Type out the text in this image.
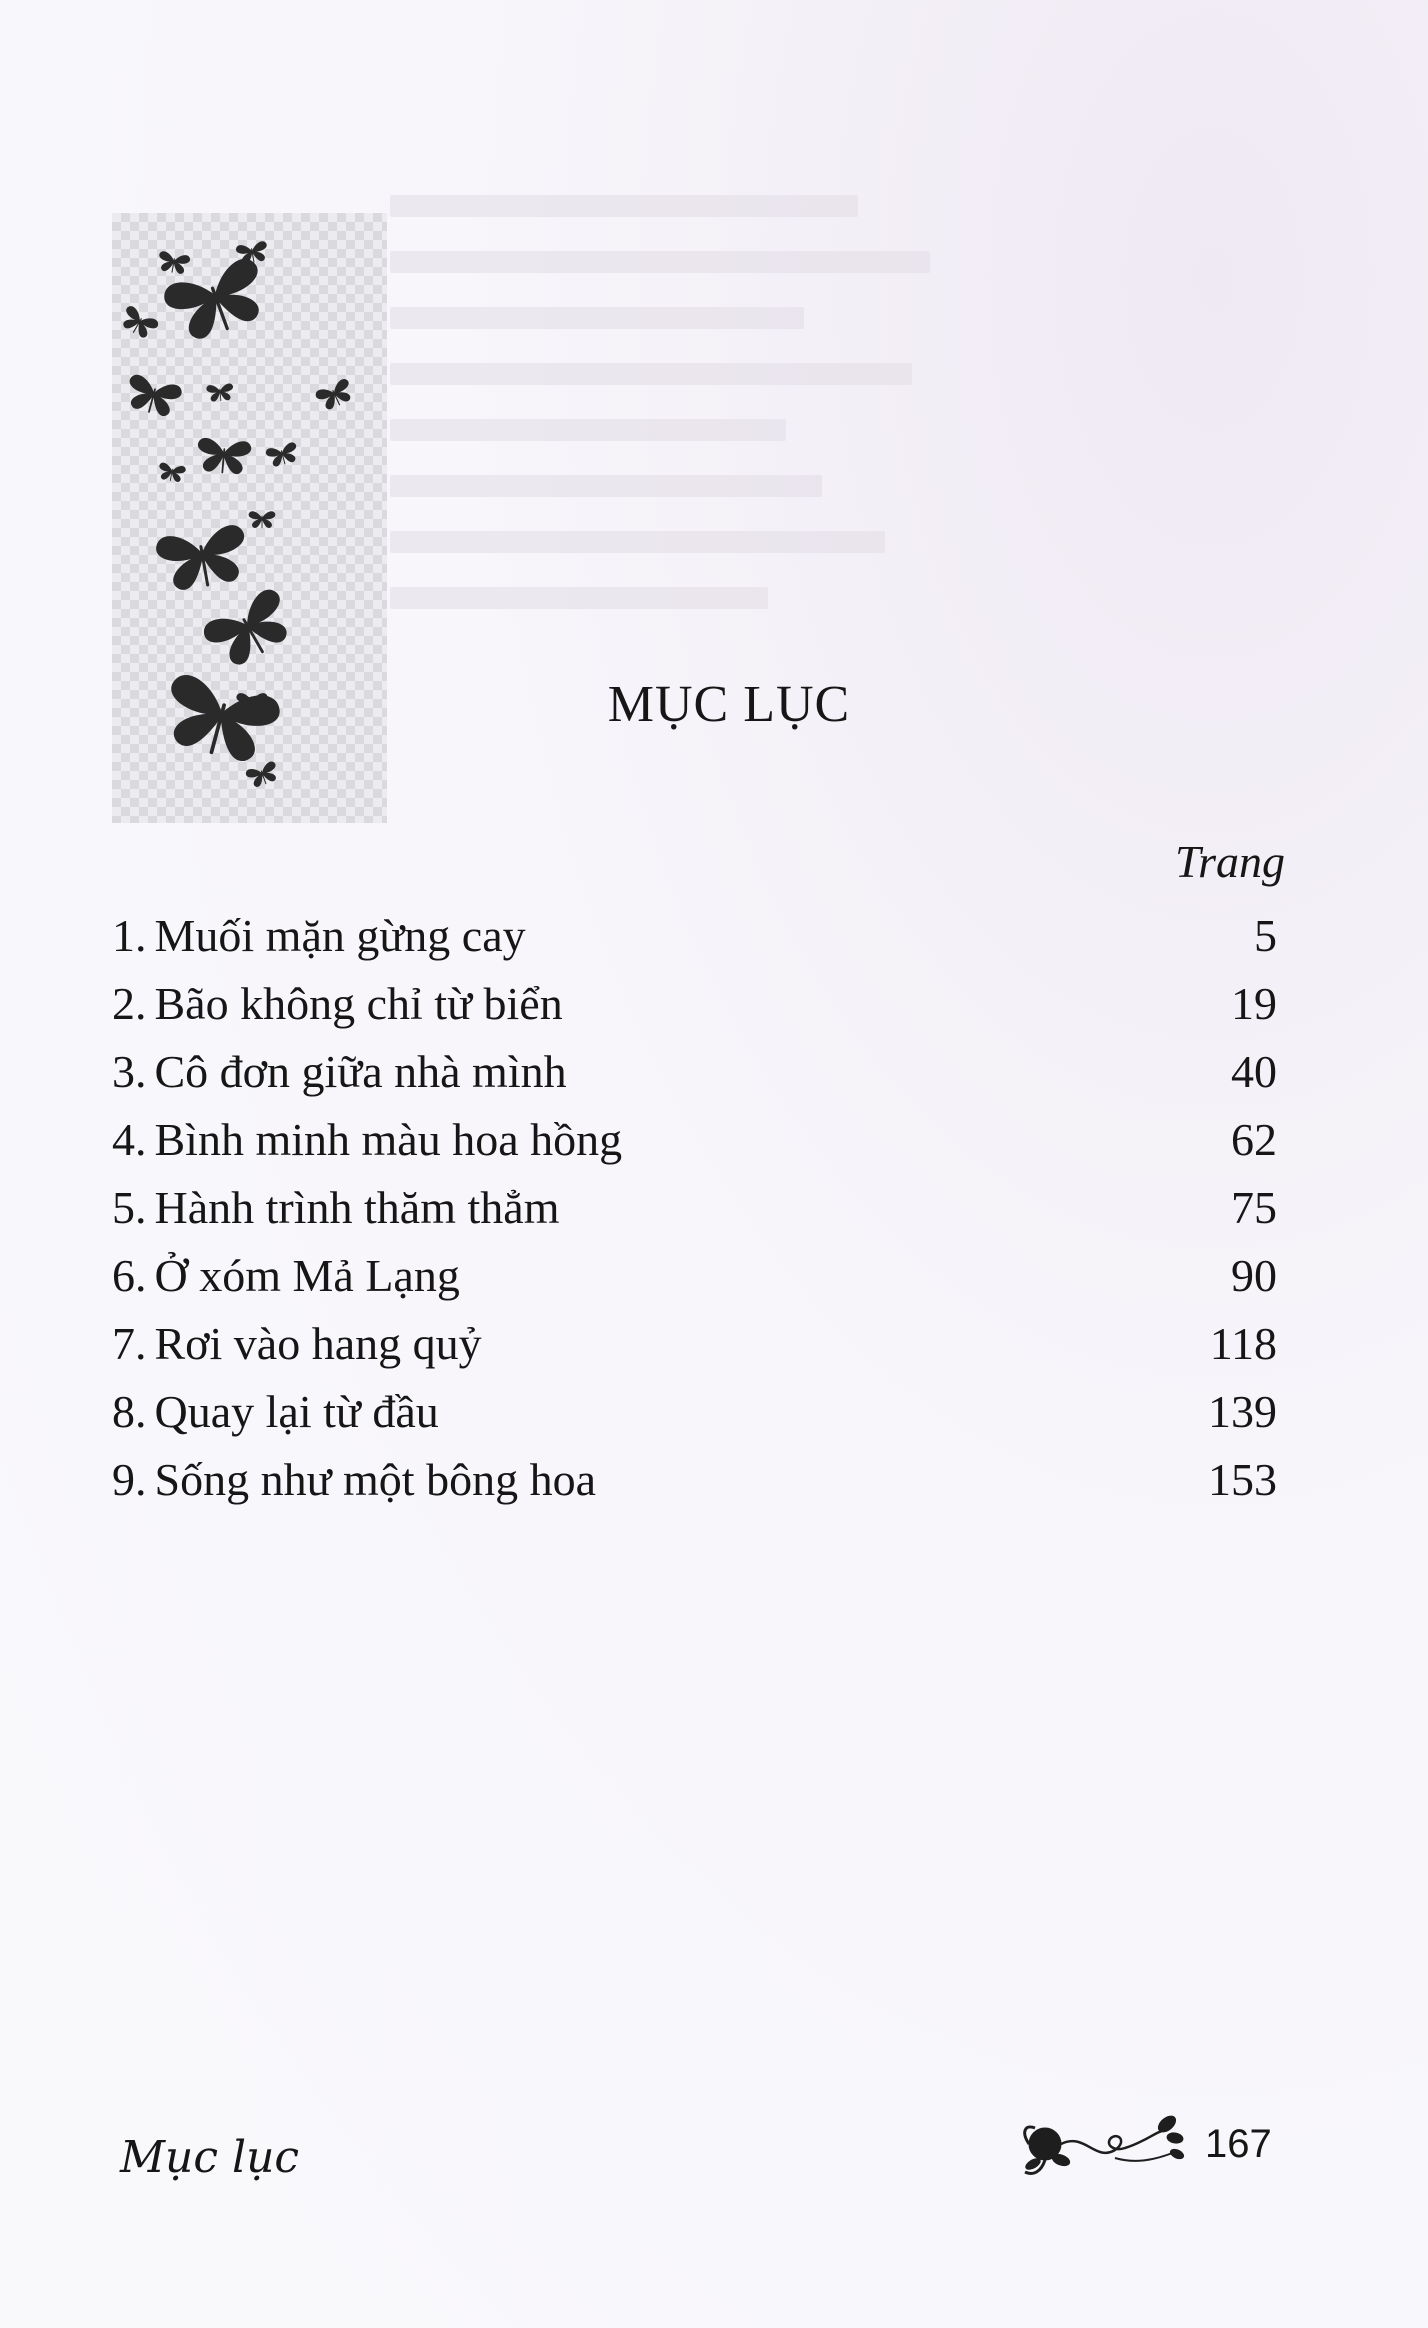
MỤC LỤC
Trang
1. Muối mặn gừng cay	5
2. Bão không chỉ từ biển	19
3. Cô đơn giữa nhà mình	40
4. Bình minh màu hoa hồng	62
5. Hành trình thăm thẳm	75
6. Ở xóm Mả Lạng	90
7. Rơi vào hang quỷ	118
8. Quay lại từ đầu	139
9. Sống như một bông hoa	153
Mục lục	167
